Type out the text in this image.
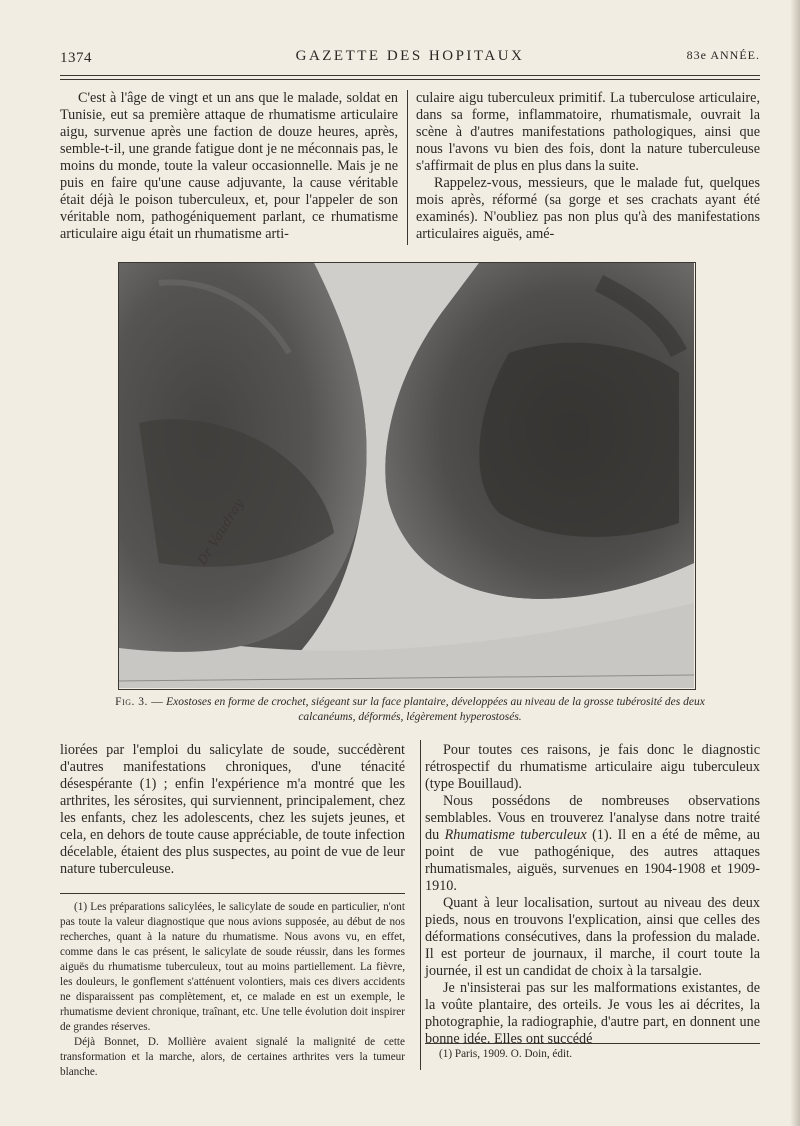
1374	GAZETTE DES HOPITAUX	83e ANNÉE.

C'est à l'âge de vingt et un ans que le malade, soldat en Tunisie, eut sa première attaque de rhumatisme articulaire aigu, survenue après une faction de douze heures, après, semble-t-il, une grande fatigue dont je ne méconnais pas, le moins du monde, toute la valeur occasionnelle. Mais je ne puis en faire qu'une cause adjuvante, la cause véritable était déjà le poison tuberculeux, et, pour l'appeler de son véritable nom, pathogéniquement parlant, ce rhumatisme articulaire aigu était un rhumatisme arti-

culaire aigu tuberculeux primitif. La tuberculose articulaire, dans sa forme, inflammatoire, rhumatismale, ouvrait la scène à d'autres manifestations pathologiques, ainsi que nous l'avons vu bien des fois, dont la nature tuberculeuse s'affirmait de plus en plus dans la suite.

Rappelez-vous, messieurs, que le malade fut, quelques mois après, réformé (sa gorge et ses crachats ayant été examinés). N'oubliez pas non plus qu'à des manifestations articulaires aiguës, amé-

Dr Vaudray
Fig. 3. — Exostoses en forme de crochet, siégeant sur la face plantaire, développées au niveau de la grosse tubérosité des deux calcanéums, déformés, légèrement hyperostosés.

liorées par l'emploi du salicylate de soude, succédèrent d'autres manifestations chroniques, d'une ténacité désespérante (1) ; enfin l'expérience m'a montré que les arthrites, les sérosites, qui surviennent, principalement, chez les enfants, chez les adolescents, chez les sujets jeunes, et cela, en dehors de toute cause appréciable, de toute infection décelable, étaient des plus suspectes, au point de vue de leur nature tuberculeuse.

(1) Les préparations salicylées, le salicylate de soude en particulier, n'ont pas toute la valeur diagnostique que nous avions supposée, au début de nos recherches, quant à la nature du rhumatisme. Nous avons vu, en effet, comme dans le cas présent, le salicylate de soude réussir, dans les formes aiguës du rhumatisme tuberculeux, tout au moins partiellement. La fièvre, les douleurs, le gonflement s'atténuent volontiers, mais ces divers accidents ne disparaissent pas complètement, et, ce malade en est un exemple, le rhumatisme devient chronique, traînant, etc. Une telle évolution doit inspirer de grandes réserves.

Déjà Bonnet, D. Mollière avaient signalé la malignité de cette transformation et la marche, alors, de certaines arthrites vers la tumeur blanche.

Pour toutes ces raisons, je fais donc le diagnostic rétrospectif du rhumatisme articulaire aigu tuberculeux (type Bouillaud).

Nous possédons de nombreuses observations semblables. Vous en trouverez l'analyse dans notre traité du Rhumatisme tuberculeux (1). Il en a été de même, au point de vue pathogénique, des autres attaques rhumatismales, aiguës, survenues en 1904-1908 et 1909-1910.

Quant à leur localisation, surtout au niveau des deux pieds, nous en trouvons l'explication, ainsi que celles des déformations consécutives, dans la profession du malade. Il est porteur de journaux, il marche, il court toute la journée, il est un candidat de choix à la tarsalgie.

Je n'insisterai pas sur les malformations existantes, de la voûte plantaire, des orteils. Je vous les ai décrites, la photographie, la radiographie, d'autre part, en donnent une bonne idée. Elles ont succédé

(1) Paris, 1909. O. Doin, édit.
